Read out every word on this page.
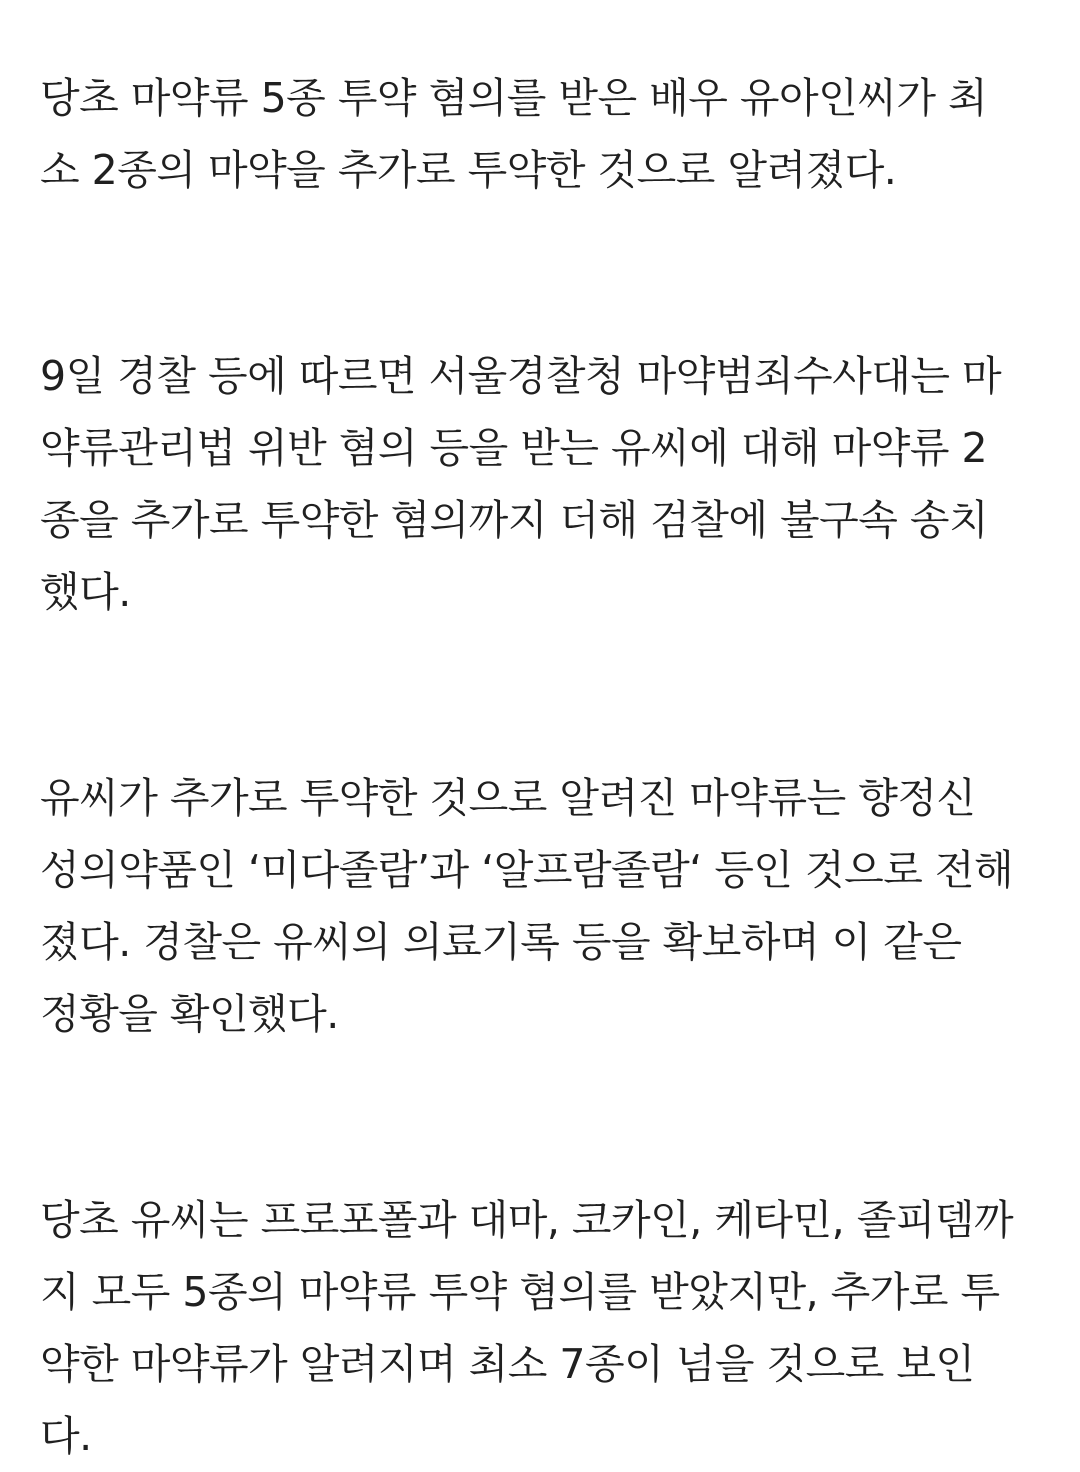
당초 마약류 5종 투약 혐의를 받은 배우 유아인씨가 최
소 2종의 마약을 추가로 투약한 것으로 알려졌다.

9일 경찰 등에 따르면 서울경찰청 마약범죄수사대는 마
약류관리법 위반 혐의 등을 받는 유씨에 대해 마약류 2
종을 추가로 투약한 혐의까지 더해 검찰에 불구속 송치
했다.

유씨가 추가로 투약한 것으로 알려진 마약류는 향정신
성의약품인 ‘미다졸람’과 ‘알프람졸람‘ 등인 것으로 전해
졌다. 경찰은 유씨의 의료기록 등을 확보하며 이 같은
정황을 확인했다.

당초 유씨는 프로포폴과 대마, 코카인, 케타민, 졸피뎀까
지 모두 5종의 마약류 투약 혐의를 받았지만, 추가로 투
약한 마약류가 알려지며 최소 7종이 넘을 것으로 보인
다.
